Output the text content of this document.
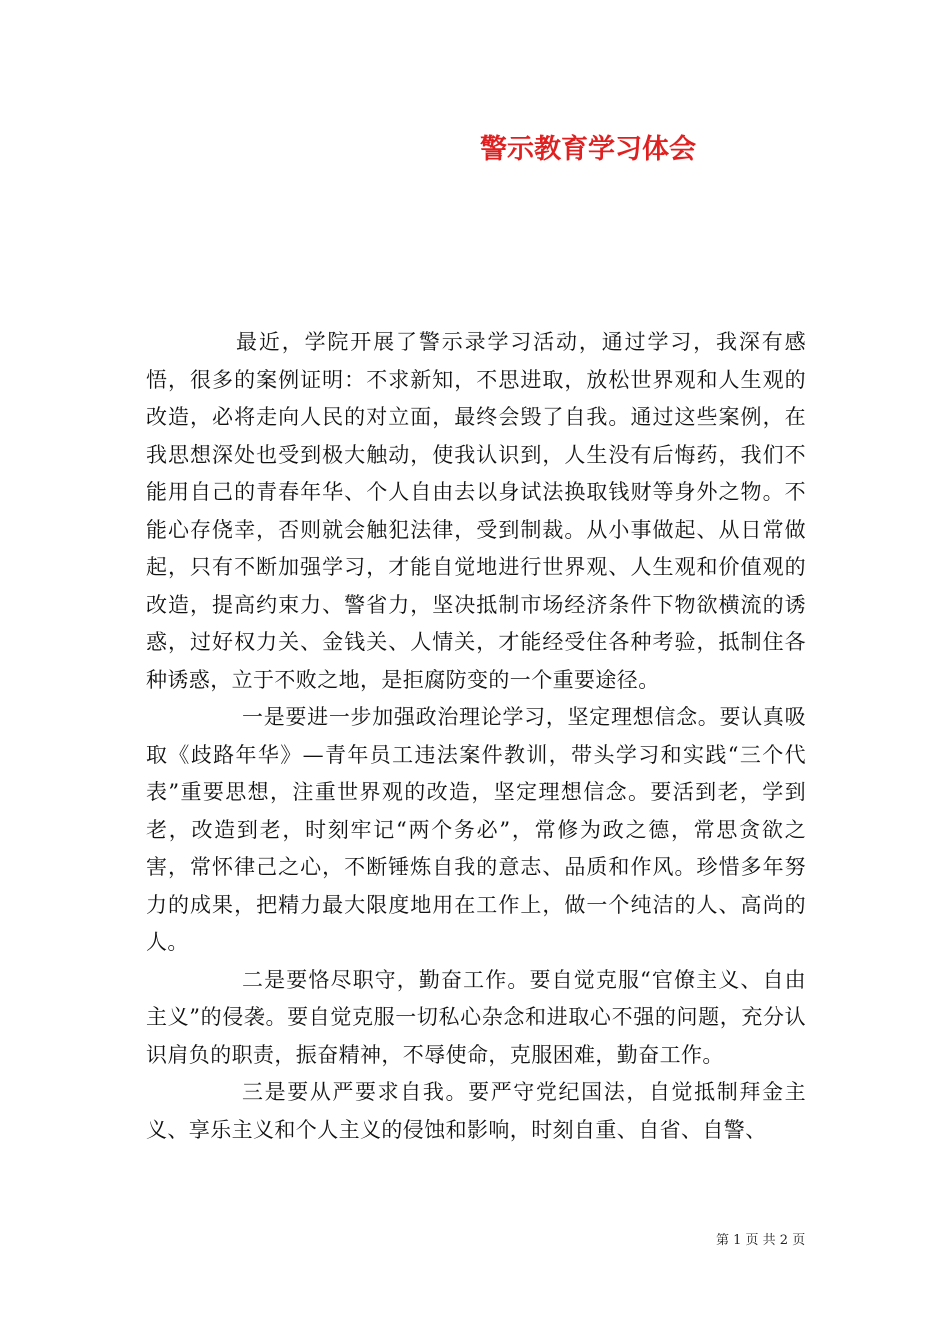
警示教育学习体会

最近，学院开展了警示录学习活动，通过学习，我深有感悟，很多的案例证明：不求新知，不思进取，放松世界观和人生观的改造，必将走向人民的对立面，最终会毁了自我。通过这些案例，在我思想深处也受到极大触动，使我认识到，人生没有后悔药，我们不能用自己的青春年华、个人自由去以身试法换取钱财等身外之物。不能心存侥幸，否则就会触犯法律，受到制裁。从小事做起、从日常做起，只有不断加强学习，才能自觉地进行世界观、人生观和价值观的改造，提高约束力、警省力，坚决抵制市场经济条件下物欲横流的诱惑，过好权力关、金钱关、人情关，才能经受住各种考验，抵制住各种诱惑，立于不败之地，是拒腐防变的一个重要途径。

一是要进一步加强政治理论学习，坚定理想信念。要认真吸取《歧路年华》—青年员工违法案件教训，带头学习和实践“三个代表”重要思想，注重世界观的改造，坚定理想信念。要活到老，学到老，改造到老，时刻牢记“两个务必”，常修为政之德，常思贪欲之害，常怀律己之心，不断锤炼自我的意志、品质和作风。珍惜多年努力的成果，把精力最大限度地用在工作上，做一个纯洁的人、高尚的人。

二是要恪尽职守，勤奋工作。要自觉克服“官僚主义、自由主义”的侵袭。要自觉克服一切私心杂念和进取心不强的问题，充分认识肩负的职责，振奋精神，不辱使命，克服困难，勤奋工作。

三是要从严要求自我。要严守党纪国法，自觉抵制拜金主义、享乐主义和个人主义的侵蚀和影响，时刻自重、自省、自警、

第 1 页 共 2 页
